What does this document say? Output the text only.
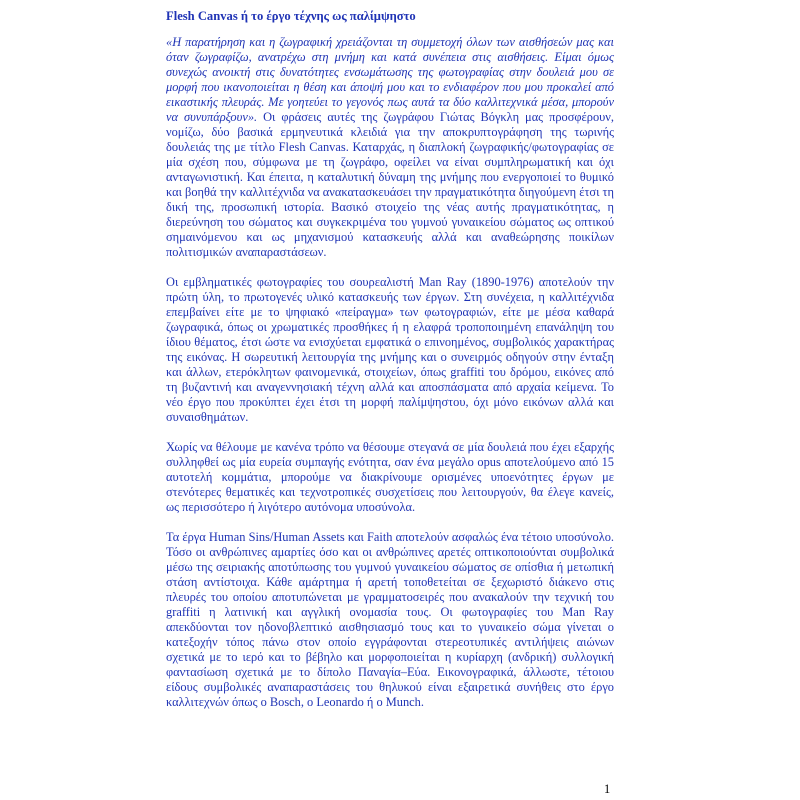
Flesh Canvas ή το έργο τέχνης ως παλίμψηστο
«Η παρατήρηση και η ζωγραφική χρειάζονται τη συμμετοχή όλων των αισθήσεών μας και όταν ζωγραφίζω, ανατρέχω στη μνήμη και κατά συνέπεια στις αισθήσεις. Είμαι όμως συνεχώς ανοικτή στις δυνατότητες ενσωμάτωσης της φωτογραφίας στην δουλειά μου σε μορφή που ικανοποιείται η θέση και άποψή μου και το ενδιαφέρον που μου προκαλεί από εικαστικής πλευράς. Με γοητεύει το γεγονός πως αυτά τα δύο καλλιτεχνικά μέσα, μπορούν να συνυπάρξουν». Οι φράσεις αυτές της ζωγράφου Γιώτας Βόγκλη μας προσφέρουν, νομίζω, δύο βασικά ερμηνευτικά κλειδιά για την αποκρυπτογράφηση της τωρινής δουλειάς της με τίτλο Flesh Canvas. Καταρχάς, η διαπλοκή ζωγραφικής/φωτογραφίας σε μία σχέση που, σύμφωνα με τη ζωγράφο, οφείλει να είναι συμπληρωματική και όχι ανταγωνιστική. Και έπειτα, η καταλυτική δύναμη της μνήμης που ενεργοποιεί το θυμικό και βοηθά την καλλιτέχνιδα να ανακατασκευάσει την πραγματικότητα διηγούμενη έτσι τη δική της, προσωπική ιστορία. Βασικό στοιχείο της νέας αυτής πραγματικότητας, η διερεύνηση του σώματος και συγκεκριμένα του γυμνού γυναικείου σώματος ως οπτικού σημαινόμενου και ως μηχανισμού κατασκευής αλλά και αναθεώρησης ποικίλων πολιτισμικών αναπαραστάσεων.
Οι εμβληματικές φωτογραφίες του σουρεαλιστή Man Ray (1890-1976) αποτελούν την πρώτη ύλη, το πρωτογενές υλικό κατασκευής των έργων. Στη συνέχεια, η καλλιτέχνιδα επεμβαίνει είτε με το ψηφιακό «πείραγμα» των φωτογραφιών, είτε με μέσα καθαρά ζωγραφικά, όπως οι χρωματικές προσθήκες ή η ελαφρά τροποποιημένη επανάληψη του ίδιου θέματος, έτσι ώστε να ενισχύεται εμφατικά ο επινοημένος, συμβολικός χαρακτήρας της εικόνας. Η σωρευτική λειτουργία της μνήμης και ο συνειρμός οδηγούν στην ένταξη και άλλων, ετερόκλητων φαινομενικά, στοιχείων, όπως graffiti του δρόμου, εικόνες από τη βυζαντινή και αναγεννησιακή τέχνη αλλά και αποσπάσματα από αρχαία κείμενα. Το νέο έργο που προκύπτει έχει έτσι τη μορφή παλίμψηστου, όχι μόνο εικόνων αλλά και συναισθημάτων.
Χωρίς να θέλουμε με κανένα τρόπο να θέσουμε στεγανά σε μία δουλειά που έχει εξαρχής συλληφθεί ως μία ευρεία συμπαγής ενότητα, σαν ένα μεγάλο opus αποτελούμενο από 15 αυτοτελή κομμάτια, μπορούμε να διακρίνουμε ορισμένες υποενότητες έργων με στενότερες θεματικές και τεχνοτροπικές συσχετίσεις που λειτουργούν, θα έλεγε κανείς, ως περισσότερο ή λιγότερο αυτόνομα υποσύνολα.
Τα έργα Human Sins/Human Assets και Faith αποτελούν ασφαλώς ένα τέτοιο υποσύνολο. Τόσο οι ανθρώπινες αμαρτίες όσο και οι ανθρώπινες αρετές οπτικοποιούνται συμβολικά μέσω της σειριακής αποτύπωσης του γυμνού γυναικείου σώματος σε οπίσθια ή μετωπική στάση αντίστοιχα. Κάθε αμάρτημα ή αρετή τοποθετείται σε ξεχωριστό διάκενο στις πλευρές του οποίου αποτυπώνεται με γραμματοσειρές που ανακαλούν την τεχνική του graffiti η λατινική και αγγλική ονομασία τους. Οι φωτογραφίες του Man Ray απεκδύονται τον ηδονοβλεπτικό αισθησιασμό τους και το γυναικείο σώμα γίνεται ο κατεξοχήν τόπος πάνω στον οποίο εγγράφονται στερεοτυπικές αντιλήψεις αιώνων σχετικά με το ιερό και το βέβηλο και μορφοποιείται η κυρίαρχη (ανδρική) συλλογική φαντασίωση σχετικά με το δίπολο Παναγία–Εύα. Εικονογραφικά, άλλωστε, τέτοιου είδους συμβολικές αναπαραστάσεις του θηλυκού είναι εξαιρετικά συνήθεις στο έργο καλλιτεχνών όπως ο Bosch, ο Leonardo ή ο Munch.
1
